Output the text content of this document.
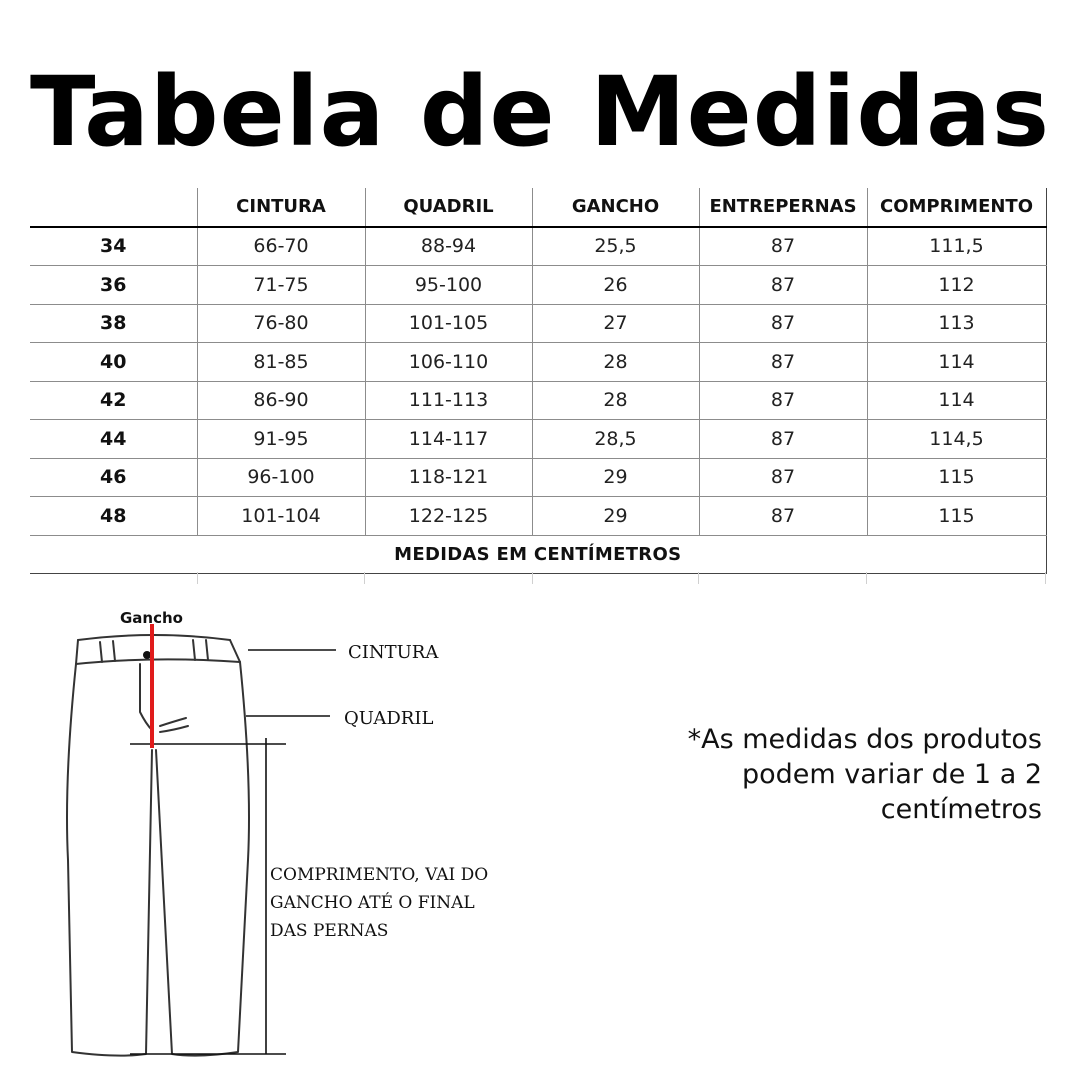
Tabela de Medidas
	CINTURA	QUADRIL	GANCHO	ENTREPERNAS	COMPRIMENTO
34	66-70	88-94	25,5	87	111,5
36	71-75	95-100	26	87	112
38	76-80	101-105	27	87	113
40	81-85	106-110	28	87	114
42	86-90	111-113	28	87	114
44	91-95	114-117	28,5	87	114,5
46	96-100	118-121	29	87	115
48	101-104	122-125	29	87	115
MEDIDAS EM CENTÍMETROS					
Gancho
CINTURA
QUADRIL
COMPRIMENTO, VAI DO GANCHO ATÉ O FINAL DAS PERNAS
*As medidas dos produtos
podem variar de 1 a 2
centímetros
